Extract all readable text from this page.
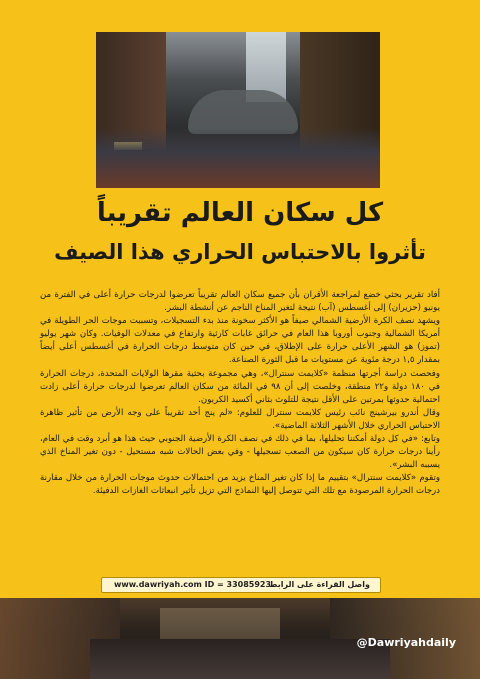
كل سكان العالم تقريباً
تأثروا بالاحتباس الحراري هذا الصيف

أفاد تقرير بحثي خضع لمراجعة الأقران بأن جميع سكان العالم تقريباً تعرضوا لدرجات حرارة أعلى في الفترة من يونيو (حزيران) إلى أغسطس (آب) نتيجة لتغير المناخ الناجم عن أنشطة البشر.

ويشهد نصف الكرة الأرضية الشمالي صيفاً هو الأكثر سخونة منذ بدء التسجيلات، وتسببت موجات الحر الطويلة في أمريكا الشمالية وجنوب أوروبا هذا العام في حرائق غابات كارثية وارتفاع في معدلات الوفيات. وكان شهر يوليو (تموز) هو الشهر الأعلى حرارة على الإطلاق، في حين كان متوسط درجات الحرارة في أغسطس أعلى أيضاً بمقدار ١,٥ درجة مئوية عن مستويات ما قبل الثورة الصناعة.

وفحصت دراسة أجرتها منظمة «كلايمت سنترال»، وهي مجموعة بحثية مقرها الولايات المتحدة، درجات الحرارة في ١٨٠ دولة و٢٢ منطقة، وخلصت إلى أن ٩٨ في المائة من سكان العالم تعرضوا لدرجات حرارة أعلى زادت احتمالية حدوثها بمرتين على الأقل نتيجة للتلوث بثاني أكسيد الكربون.

وقال أندرو بيرشينج نائب رئيس كلايمت سنترال للعلوم: «لم ينج أحد تقريباً على وجه الأرض من تأثير ظاهرة الاحتباس الحراري خلال الأشهر الثلاثة الماضية».

وتابع: «في كل دولة أمكننا تحليلها، بما في ذلك في نصف الكرة الأرضية الجنوبي حيث هذا هو أبرد وقت في العام، رأينا درجات حرارة كان سيكون من الصعب تسجيلها - وفي بعض الحالات شبه مستحيل - دون تغير المناخ الذي يسببه البشر».

وتقوم «كلايمت سنترال» بتقييم ما إذا كان تغير المناخ يزيد من احتمالات حدوث موجات الحرارة من خلال مقارنة درجات الحرارة المرصودة مع تلك التي تتوصل إليها النماذج التي تزيل تأثير انبعاثات الغازات الدفيئة.

www.dawriyah.com ID = 33085923
واصل القراءة على الرابط
@Dawriyahdaily
